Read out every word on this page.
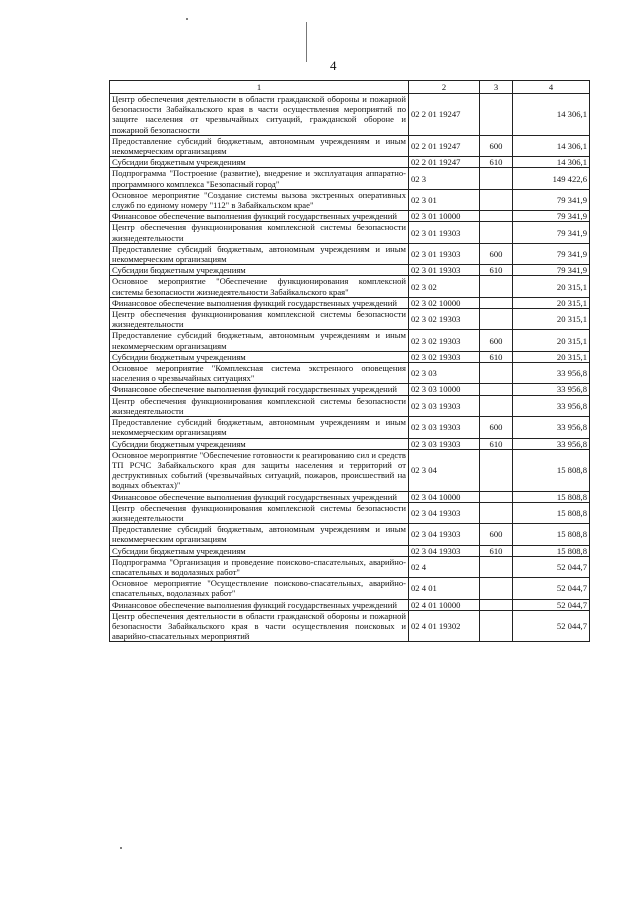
4
1	2	3	4
Центр обеспечения деятельности в области гражданской обороны и пожарной безопасности Забайкальского края в части осуществления мероприятий по защите населения от чрезвычайных ситуаций, гражданской обороне и пожарной безопасности	02 2 01 19247		14 306,1
Предоставление субсидий бюджетным, автономным учреждениям и иным некоммерческим организациям	02 2 01 19247	600	14 306,1
Субсидии бюджетным учреждениям	02 2 01 19247	610	14 306,1
Подпрограмма "Построение (развитие), внедрение и эксплуатация аппаратно-программного комплекса "Безопасный город"	02 3		149 422,6
Основное мероприятие "Создание системы вызова экстренных оперативных служб по единому номеру "112" в Забайкальском крае"	02 3 01		79 341,9
Финансовое обеспечение выполнения функций государственных учреждений	02 3 01 10000		79 341,9
Центр обеспечения функционирования комплексной системы безопасности жизнедеятельности	02 3 01 19303		79 341,9
Предоставление субсидий бюджетным, автономным учреждениям и иным некоммерческим организациям	02 3 01 19303	600	79 341,9
Субсидии бюджетным учреждениям	02 3 01 19303	610	79 341,9
Основное мероприятие "Обеспечение функционирования комплексной системы безопасности жизнедеятельности Забайкальского края"	02 3 02		20 315,1
Финансовое обеспечение выполнения функций государственных учреждений	02 3 02 10000		20 315,1
Центр обеспечения функционирования комплексной системы безопасности жизнедеятельности	02 3 02 19303		20 315,1
Предоставление субсидий бюджетным, автономным учреждениям и иным некоммерческим организациям	02 3 02 19303	600	20 315,1
Субсидии бюджетным учреждениям	02 3 02 19303	610	20 315,1
Основное мероприятие "Комплексная система экстренного оповещения населения о чрезвычайных ситуациях"	02 3 03		33 956,8
Финансовое обеспечение выполнения функций государственных учреждений	02 3 03 10000		33 956,8
Центр обеспечения функционирования комплексной системы безопасности жизнедеятельности	02 3 03 19303		33 956,8
Предоставление субсидий бюджетным, автономным учреждениям и иным некоммерческим организациям	02 3 03 19303	600	33 956,8
Субсидии бюджетным учреждениям	02 3 03 19303	610	33 956,8
Основное мероприятие "Обеспечение готовности к реагированию сил и средств ТП РСЧС Забайкальского края для защиты населения и территорий от деструктивных событий (чрезвычайных ситуаций, пожаров, происшествий на водных объектах)"	02 3 04		15 808,8
Финансовое обеспечение выполнения функций государственных учреждений	02 3 04 10000		15 808,8
Центр обеспечения функционирования комплексной системы безопасности жизнедеятельности	02 3 04 19303		15 808,8
Предоставление субсидий бюджетным, автономным учреждениям и иным некоммерческим организациям	02 3 04 19303	600	15 808,8
Субсидии бюджетным учреждениям	02 3 04 19303	610	15 808,8
Подпрограмма "Организация и проведение поисково-спасательных, аварийно-спасательных и водолазных работ"	02 4		52 044,7
Основное мероприятие "Осуществление поисково-спасательных, аварийно-спасательных, водолазных работ"	02 4 01		52 044,7
Финансовое обеспечение выполнения функций государственных учреждений	02 4 01 10000		52 044,7
Центр обеспечения деятельности в области гражданской обороны и пожарной безопасности Забайкальского края в части осуществления поисковых и аварийно-спасательных мероприятий	02 4 01 19302		52 044,7
